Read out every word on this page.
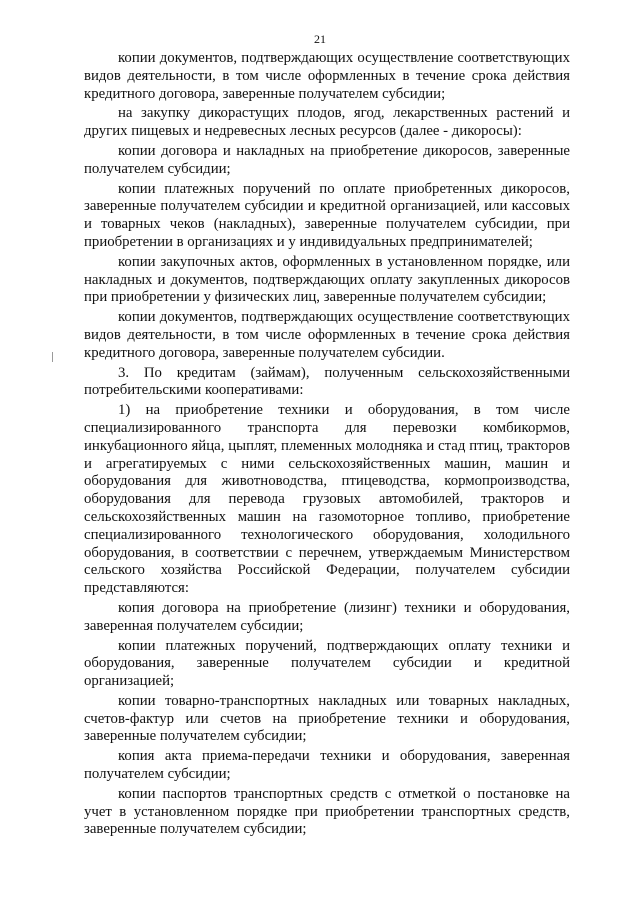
21

копии документов, подтверждающих осуществление соответствующих видов деятельности, в том числе оформленных в течение срока действия кредитного договора, заверенные получателем субсидии;

на закупку дикорастущих плодов, ягод, лекарственных растений и других пищевых и недревесных лесных ресурсов (далее - дикоросы):

копии договора и накладных на приобретение дикоросов, заверенные получателем субсидии;

копии платежных поручений по оплате приобретенных дикоросов, заверенные получателем субсидии и кредитной организацией, или кассовых и товарных чеков (накладных), заверенные получателем субсидии, при приобретении в организациях и у индивидуальных предпринимателей;

копии закупочных актов, оформленных в установленном порядке, или накладных и документов, подтверждающих оплату закупленных дикоросов при приобретении у физических лиц, заверенные получателем субсидии;

копии документов, подтверждающих осуществление соответствующих видов деятельности, в том числе оформленных в течение срока действия кредитного договора, заверенные получателем субсидии.

3. По кредитам (займам), полученным сельскохозяйственными потребительскими кооперативами:

1) на приобретение техники и оборудования, в том числе специализированного транспорта для перевозки комбикормов, инкубационного яйца, цыплят, племенных молодняка и стад птиц, тракторов и агрегатируемых с ними сельскохозяйственных машин, машин и оборудования для животноводства, птицеводства, кормопроизводства, оборудования для перевода грузовых автомобилей, тракторов и сельскохозяйственных машин на газомоторное топливо, приобретение специализированного технологического оборудования, холодильного оборудования, в соответствии с перечнем, утверждаемым Министерством сельского хозяйства Российской Федерации, получателем субсидии представляются:

копия договора на приобретение (лизинг) техники и оборудования, заверенная получателем субсидии;

копии платежных поручений, подтверждающих оплату техники и оборудования, заверенные получателем субсидии и кредитной организацией;

копии товарно-транспортных накладных или товарных накладных, счетов-фактур или счетов на приобретение техники и оборудования, заверенные получателем субсидии;

копия акта приема-передачи техники и оборудования, заверенная получателем субсидии;

копии паспортов транспортных средств с отметкой о постановке на учет в установленном порядке при приобретении транспортных средств, заверенные получателем субсидии;
